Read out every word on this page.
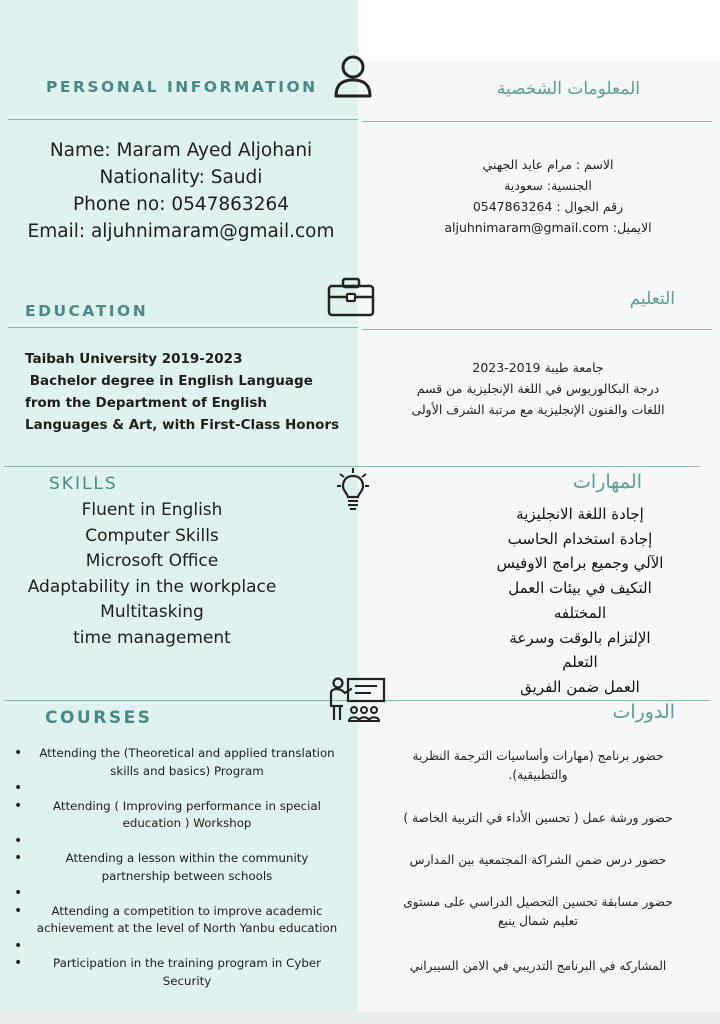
PERSONAL INFORMATION	المعلومات الشخصية
Name: Maram Ayed Aljohani
Nationality: Saudi
Phone no: 0547863264
Email: aljuhnimaram@gmail.com
الاسم : مرام عايد الجهني
الجنسية: سعودية
رقم الجوال : 0547863264
الايميل: aljuhnimaram@gmail.com
EDUCATION
التعليم
Taibah University 2019-2023
Bachelor degree in English Language
from the Department of English
Languages & Art, with First-Class Honors
جامعة طيبة 2019-2023
درجة البكالوريوس في اللغة الإنجليزية من قسم
اللغات والفنون الإنجليزية مع مرتبة الشرف الأولى
SKILLS	المهارات
Fluent in English
Computer Skills
Microsoft Office
Adaptability in the workplace
Multitasking
time management
إجادة اللغة الانجليزية
إجادة استخدام الحاسب
الآلي وجميع برامج الاوفيس
التكيف في بيئات العمل
المختلفه
الإلتزام بالوقت وسرعة
التعلم
العمل ضمن الفريق
COURSES	الدورات
•	Attending the (Theoretical and applied translation
skills and basics) Program
•
•	Attending ( Improving performance in special
education ) Workshop
•
•	Attending a lesson within the community
partnership between schools
•
•	Attending a competition to improve academic
achievement at the level of North Yanbu education
•
•	Participation in the training program in Cyber
Security
حضور برنامج (مهارات وأساسيات الترجمة النظرية
والتطبيقية).
حضور ورشة عمل ( تحسين الأداء في التربية الخاصة )
حضور درس ضمن الشراكة المجتمعية بين المدارس
حضور مسابقة تحسين التحصيل الدراسي على مستوى
تعليم شمال ينبع
المشاركه في البرنامج التدريبي في الامن السيبراني
